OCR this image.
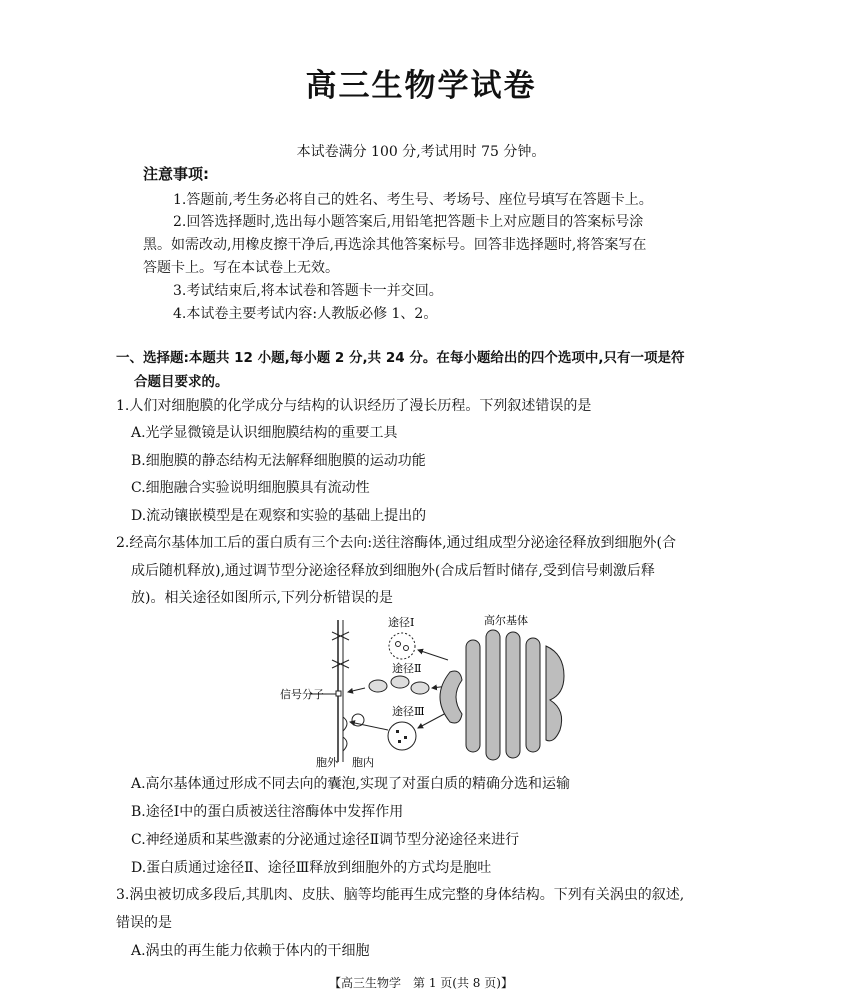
高三生物学试卷
本试卷满分 100 分,考试用时 75 分钟。
注意事项:
1.答题前,考生务必将自己的姓名、考生号、考场号、座位号填写在答题卡上。
2.回答选择题时,选出每小题答案后,用铅笔把答题卡上对应题目的答案标号涂
黑。如需改动,用橡皮擦干净后,再选涂其他答案标号。回答非选择题时,将答案写在
答题卡上。写在本试卷上无效。
3.考试结束后,将本试卷和答题卡一并交回。
4.本试卷主要考试内容:人教版必修 1、2。
一、选择题:本题共 12 小题,每小题 2 分,共 24 分。在每小题给出的四个选项中,只有一项是符
合题目要求的。
1.人们对细胞膜的化学成分与结构的认识经历了漫长历程。下列叙述错误的是
A.光学显微镜是认识细胞膜结构的重要工具
B.细胞膜的静态结构无法解释细胞膜的运动功能
C.细胞融合实验说明细胞膜具有流动性
D.流动镶嵌模型是在观察和实验的基础上提出的
2.经高尔基体加工后的蛋白质有三个去向:送往溶酶体,通过组成型分泌途径释放到细胞外(合
成后随机释放),通过调节型分泌途径释放到细胞外(合成后暂时储存,受到信号刺激后释
放)。相关途径如图所示,下列分析错误的是
信号分子
途径Ⅰ
途径Ⅱ
途径Ⅲ
高尔基体
胞外 胞内
A.高尔基体通过形成不同去向的囊泡,实现了对蛋白质的精确分选和运输
B.途径Ⅰ中的蛋白质被送往溶酶体中发挥作用
C.神经递质和某些激素的分泌通过途径Ⅱ调节型分泌途径来进行
D.蛋白质通过途径Ⅱ、途径Ⅲ释放到细胞外的方式均是胞吐
3.涡虫被切成多段后,其肌肉、皮肤、脑等均能再生成完整的身体结构。下列有关涡虫的叙述,
错误的是
A.涡虫的再生能力依赖于体内的干细胞
【高三生物学　第 1 页(共 8 页)】
